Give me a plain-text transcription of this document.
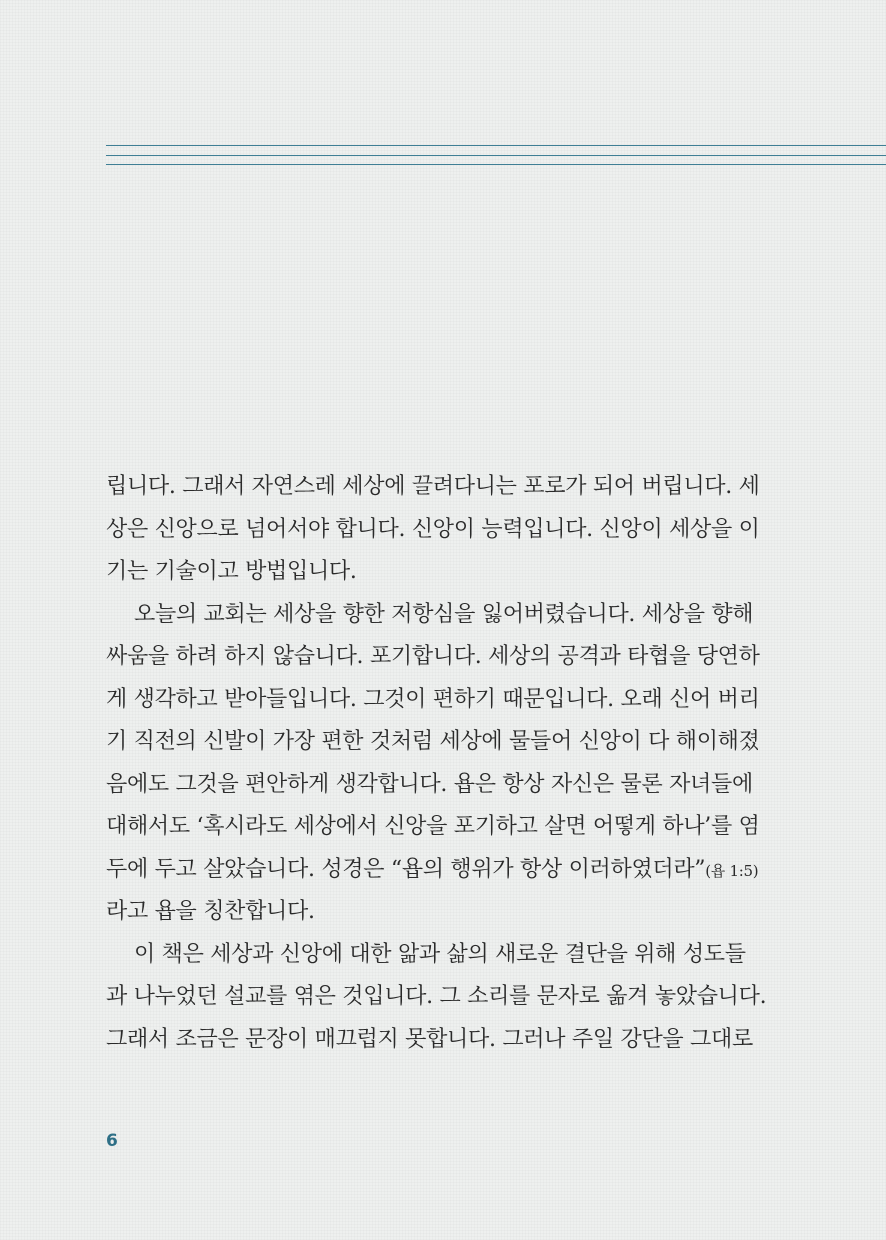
립니다. 그래서 자연스레 세상에 끌려다니는 포로가 되어 버립니다. 세
상은 신앙으로 넘어서야 합니다. 신앙이 능력입니다. 신앙이 세상을 이
기는 기술이고 방법입니다.
오늘의 교회는 세상을 향한 저항심을 잃어버렸습니다. 세상을 향해
싸움을 하려 하지 않습니다. 포기합니다. 세상의 공격과 타협을 당연하
게 생각하고 받아들입니다. 그것이 편하기 때문입니다. 오래 신어 버리
기 직전의 신발이 가장 편한 것처럼 세상에 물들어 신앙이 다 해이해졌
음에도 그것을 편안하게 생각합니다. 욥은 항상 자신은 물론 자녀들에
대해서도 ‘혹시라도 세상에서 신앙을 포기하고 살면 어떻게 하나’를 염
두에 두고 살았습니다. 성경은 “욥의 행위가 항상 이러하였더라”(욥 1:5)
라고 욥을 칭찬합니다.
이 책은 세상과 신앙에 대한 앎과 삶의 새로운 결단을 위해 성도들
과 나누었던 설교를 엮은 것입니다. 그 소리를 문자로 옮겨 놓았습니다.
그래서 조금은 문장이 매끄럽지 못합니다. 그러나 주일 강단을 그대로
6
